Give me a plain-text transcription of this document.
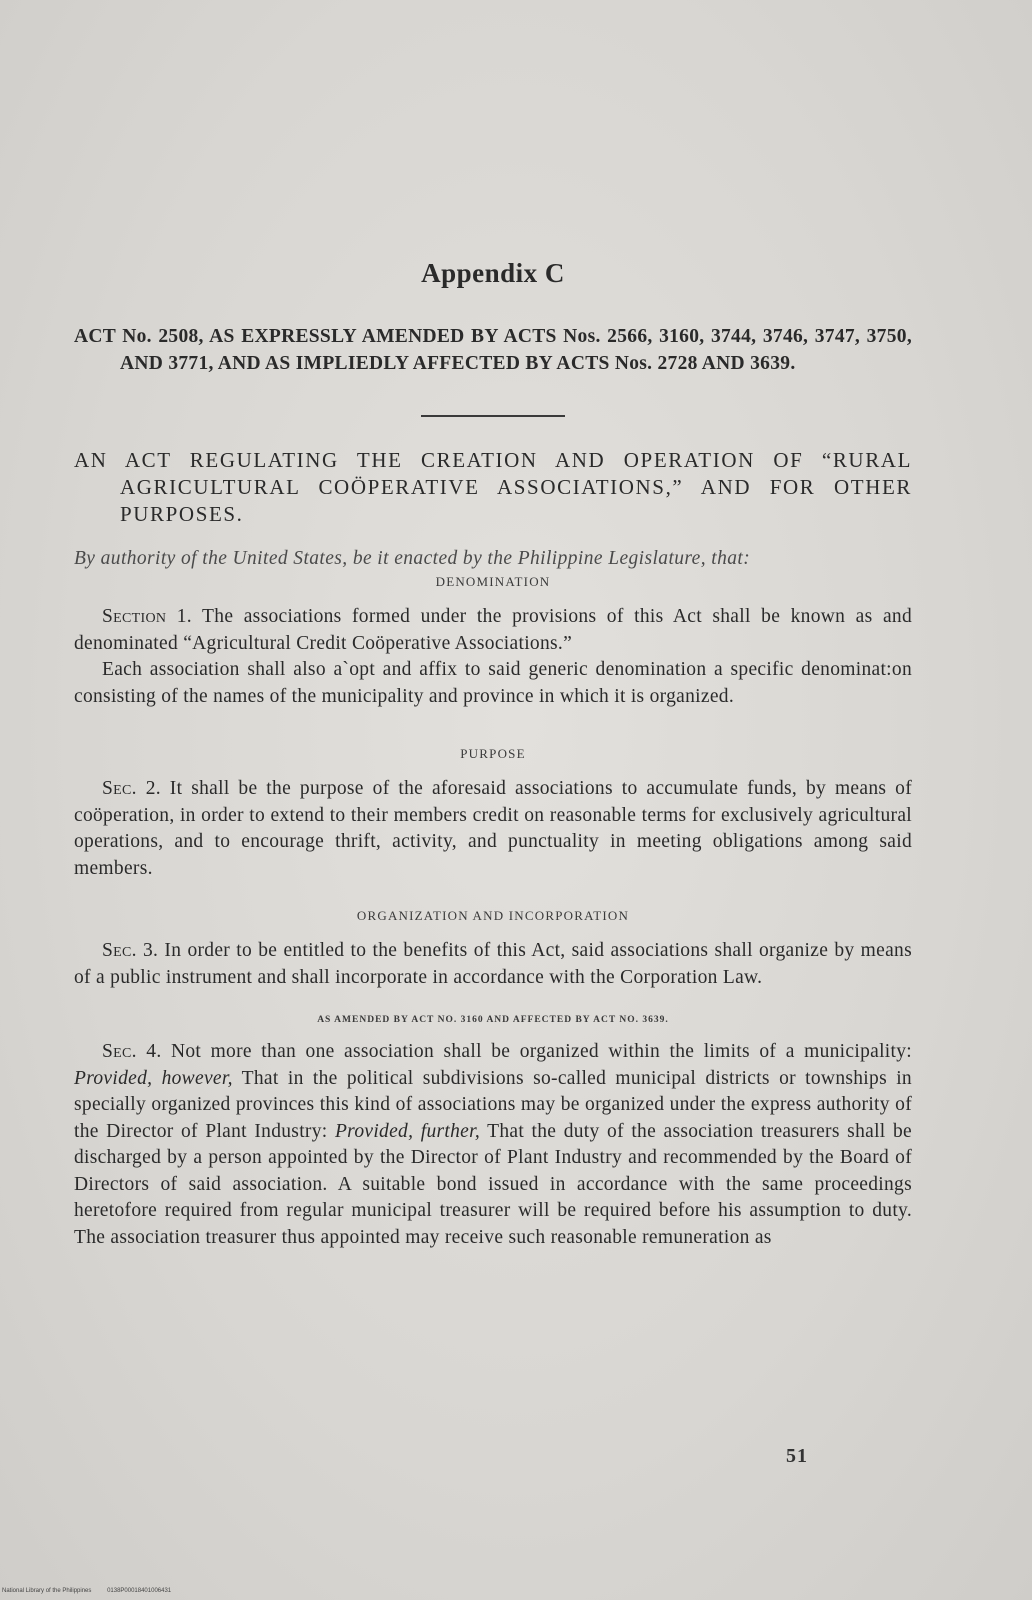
Appendix C

ACT No. 2508, AS EXPRESSLY AMENDED BY ACTS Nos. 2566, 3160, 3744, 3746, 3747, 3750, AND 3771, AND AS IMPLIEDLY AFFECTED BY ACTS Nos. 2728 AND 3639.

AN ACT REGULATING THE CREATION AND OPERATION OF “RURAL AGRICULTURAL COÖPERATIVE ASSOCIATIONS,” AND FOR OTHER PURPOSES.

By authority of the United States, be it enacted by the Philippine Legislature, that:

DENOMINATION

Section 1. The associations formed under the provisions of this Act shall be known as and denominated “Agricultural Credit Coöperative Associations.”

Each association shall also a`opt and affix to said generic denomination a specific denominat:on consisting of the names of the municipality and province in which it is organized.

PURPOSE

Sec. 2. It shall be the purpose of the aforesaid associations to accumulate funds, by means of coöperation, in order to extend to their members credit on reasonable terms for exclusively agricultural operations, and to encourage thrift, activity, and punctuality in meeting obligations among said members.

ORGANIZATION AND INCORPORATION

Sec. 3. In order to be entitled to the benefits of this Act, said associations shall organize by means of a public instrument and shall incorporate in accordance with the Corporation Law.

AS AMENDED BY ACT NO. 3160 AND AFFECTED BY ACT NO. 3639.

Sec. 4. Not more than one association shall be organized within the limits of a municipality: Provided, however, That in the political subdivisions so-called municipal districts or townships in specially organized provinces this kind of associations may be organized under the express authority of the Director of Plant Industry: Provided, further, That the duty of the association treasurers shall be discharged by a person appointed by the Director of Plant Industry and recommended by the Board of Directors of said association. A suitable bond issued in accordance with the same proceedings heretofore required from regular municipal treasurer will be required before his assumption to duty. The association treasurer thus appointed may receive such reasonable remuneration as

51
National Library of the Philippines	0138P00018401006431
